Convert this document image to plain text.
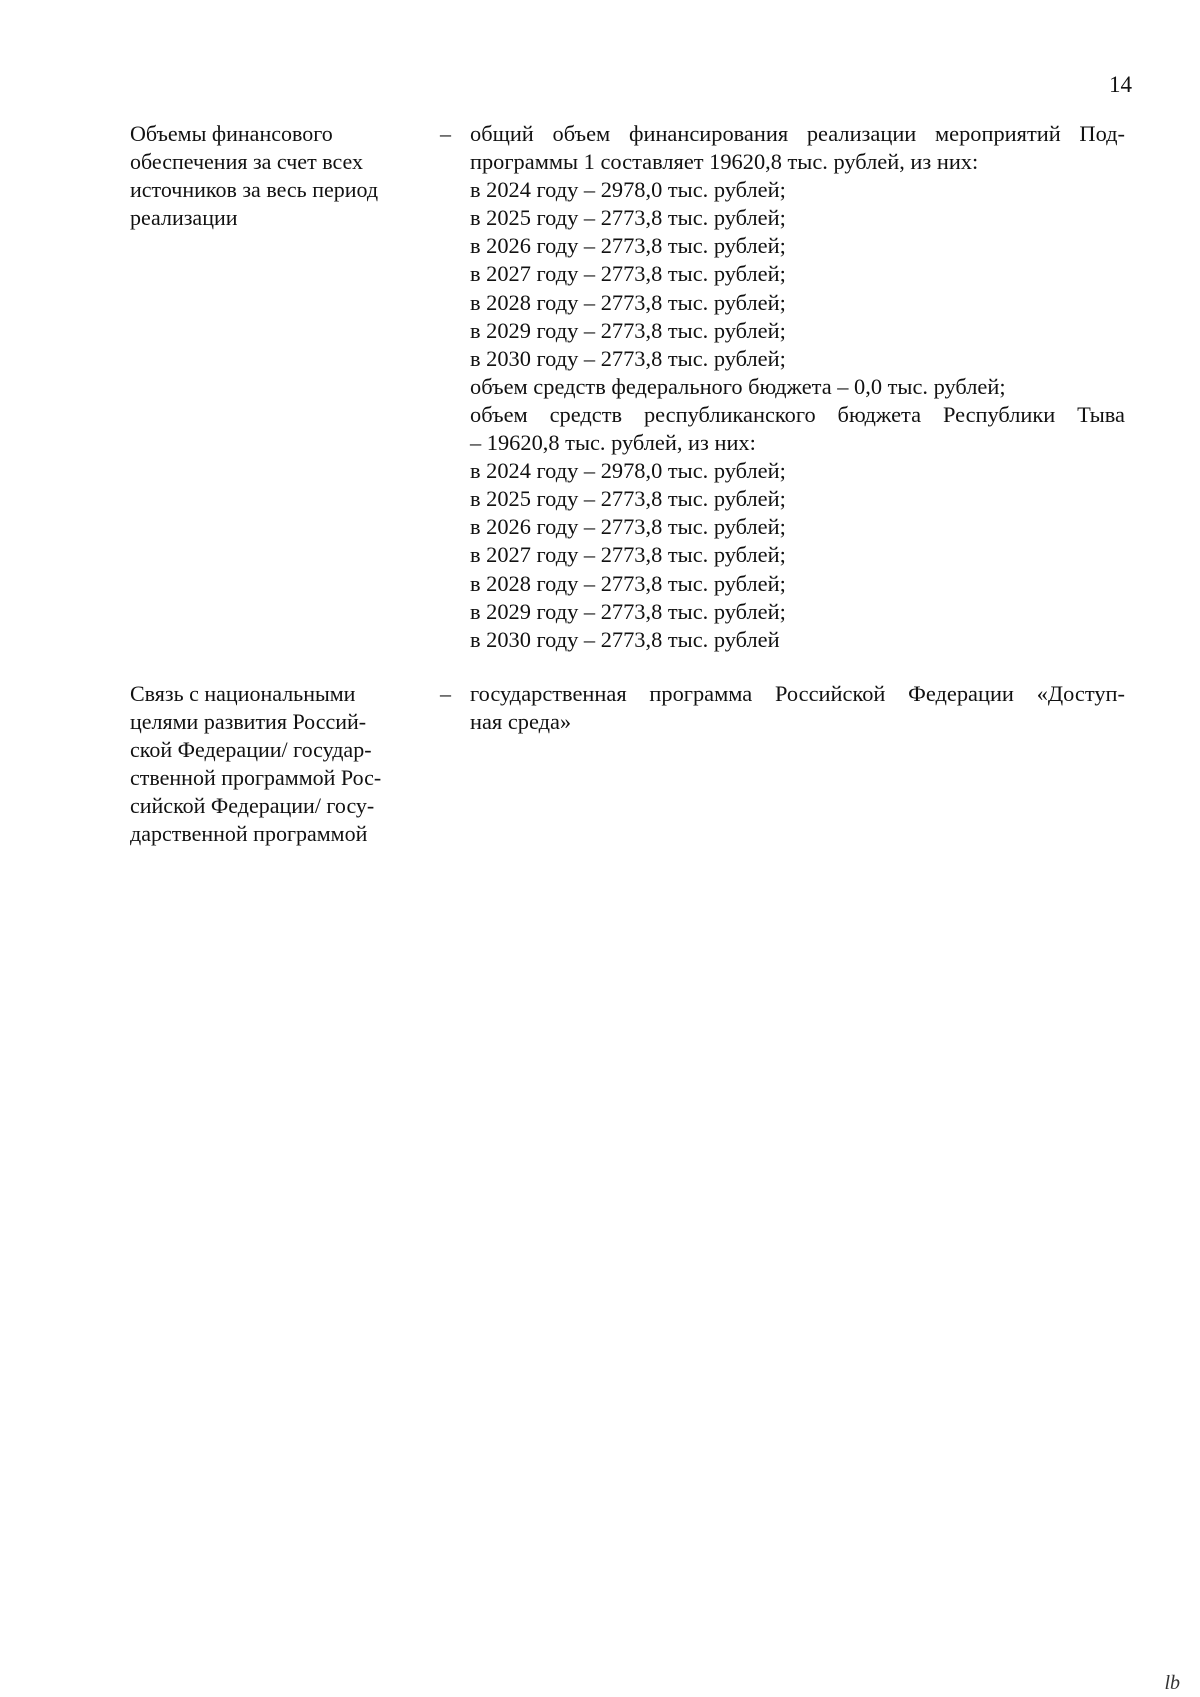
14
Объемы финансового
обеспечения за счет всех
источников за весь период
реализации
– общий объем финансирования реализации мероприятий Под-
программы 1 составляет 19620,8 тыс. рублей, из них:
в 2024 году – 2978,0 тыс. рублей;
в 2025 году – 2773,8 тыс. рублей;
в 2026 году – 2773,8 тыс. рублей;
в 2027 году – 2773,8 тыс. рублей;
в 2028 году – 2773,8 тыс. рублей;
в 2029 году – 2773,8 тыс. рублей;
в 2030 году – 2773,8 тыс. рублей;
объем средств федерального бюджета – 0,0 тыс. рублей;
объем средств республиканского бюджета Республики Тыва
– 19620,8 тыс. рублей, из них:
в 2024 году – 2978,0 тыс. рублей;
в 2025 году – 2773,8 тыс. рублей;
в 2026 году – 2773,8 тыс. рублей;
в 2027 году – 2773,8 тыс. рублей;
в 2028 году – 2773,8 тыс. рублей;
в 2029 году – 2773,8 тыс. рублей;
в 2030 году – 2773,8 тыс. рублей
Связь с национальными
целями развития Россий-
ской Федерации/ государ-
ственной программой Рос-
сийской Федерации/ госу-
дарственной программой
– государственная программа Российской Федерации «Доступ-
ная среда»
lb
